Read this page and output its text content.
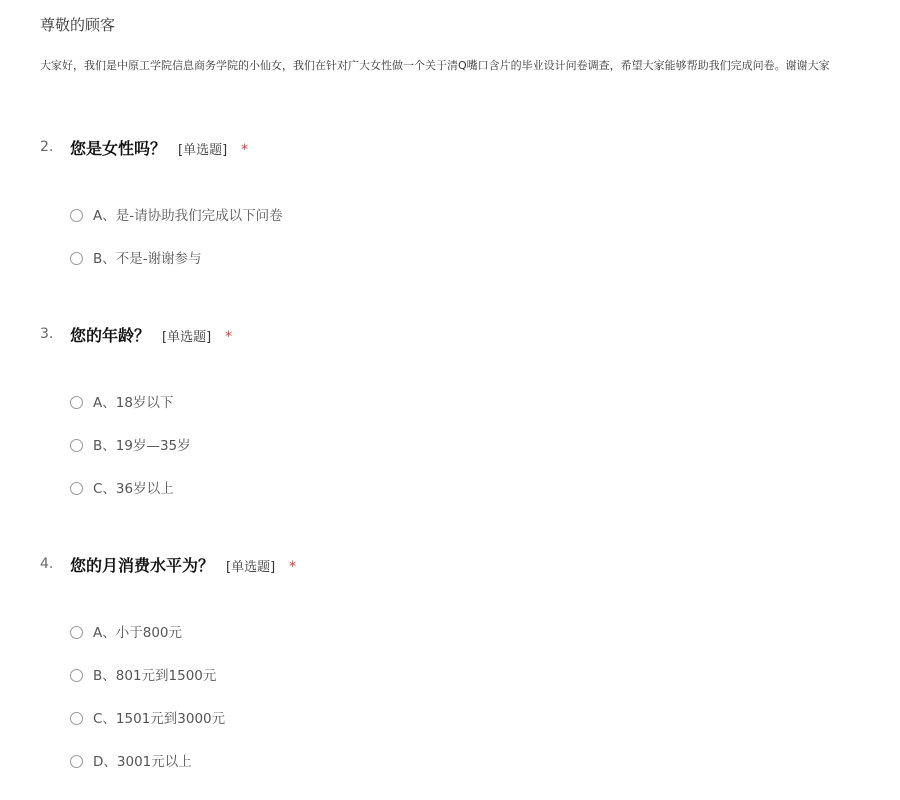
尊敬的顾客
大家好，我们是中原工学院信息商务学院的小仙女，我们在针对广大女性做一个关于清Q嘴口含片的毕业设计问卷调查，希望大家能够帮助我们完成问卷。谢谢大家
2. 您是女性吗？ [单选题] *
A、是-请协助我们完成以下问卷
B、不是-谢谢参与
3. 您的年龄？ [单选题] *
A、18岁以下
B、19岁—35岁
C、36岁以上
4. 您的月消费水平为？ [单选题] *
A、小于800元
B、801元到1500元
C、1501元到3000元
D、3001元以上
